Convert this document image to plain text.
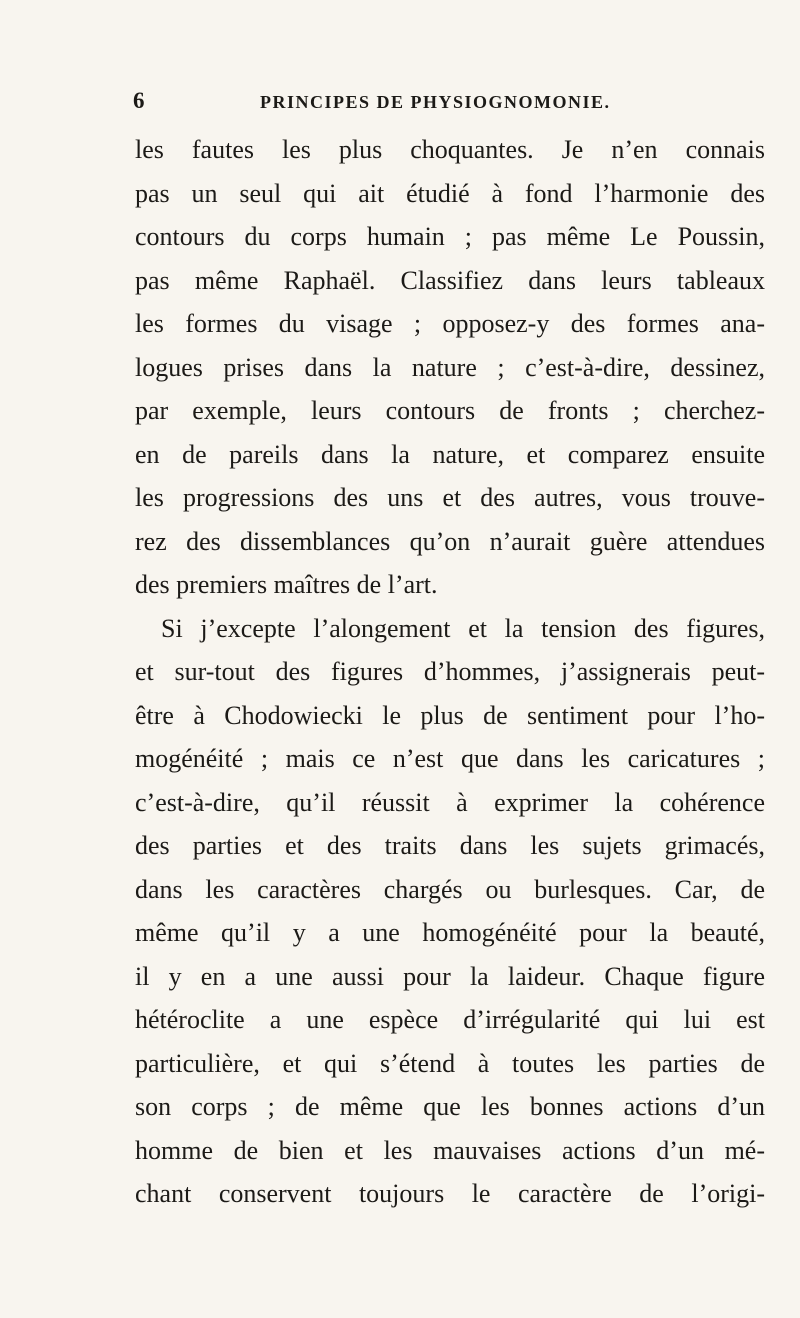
6	PRINCIPES DE PHYSIOGNOMONIE.
les fautes les plus choquantes. Je n’en connais
pas un seul qui ait étudié à fond l’harmonie des
contours du corps humain ; pas même Le Poussin,
pas même Raphaël. Classifiez dans leurs tableaux
les formes du visage ; opposez-y des formes ana-
logues prises dans la nature ; c’est-à-dire, dessinez,
par exemple, leurs contours de fronts ; cherchez-
en de pareils dans la nature, et comparez ensuite
les progressions des uns et des autres, vous trouve-
rez des dissemblances qu’on n’aurait guère attendues
des premiers maîtres de l’art.
Si j’excepte l’alongement et la tension des figures,
et sur-tout des figures d’hommes, j’assignerais peut-
être à Chodowiecki le plus de sentiment pour l’ho-
mogénéité ; mais ce n’est que dans les caricatures ;
c’est-à-dire, qu’il réussit à exprimer la cohérence
des parties et des traits dans les sujets grimacés,
dans les caractères chargés ou burlesques. Car, de
même qu’il y a une homogénéité pour la beauté,
il y en a une aussi pour la laideur. Chaque figure
hétéroclite a une espèce d’irrégularité qui lui est
particulière, et qui s’étend à toutes les parties de
son corps ; de même que les bonnes actions d’un
homme de bien et les mauvaises actions d’un mé-
chant conservent toujours le caractère de l’origi-
